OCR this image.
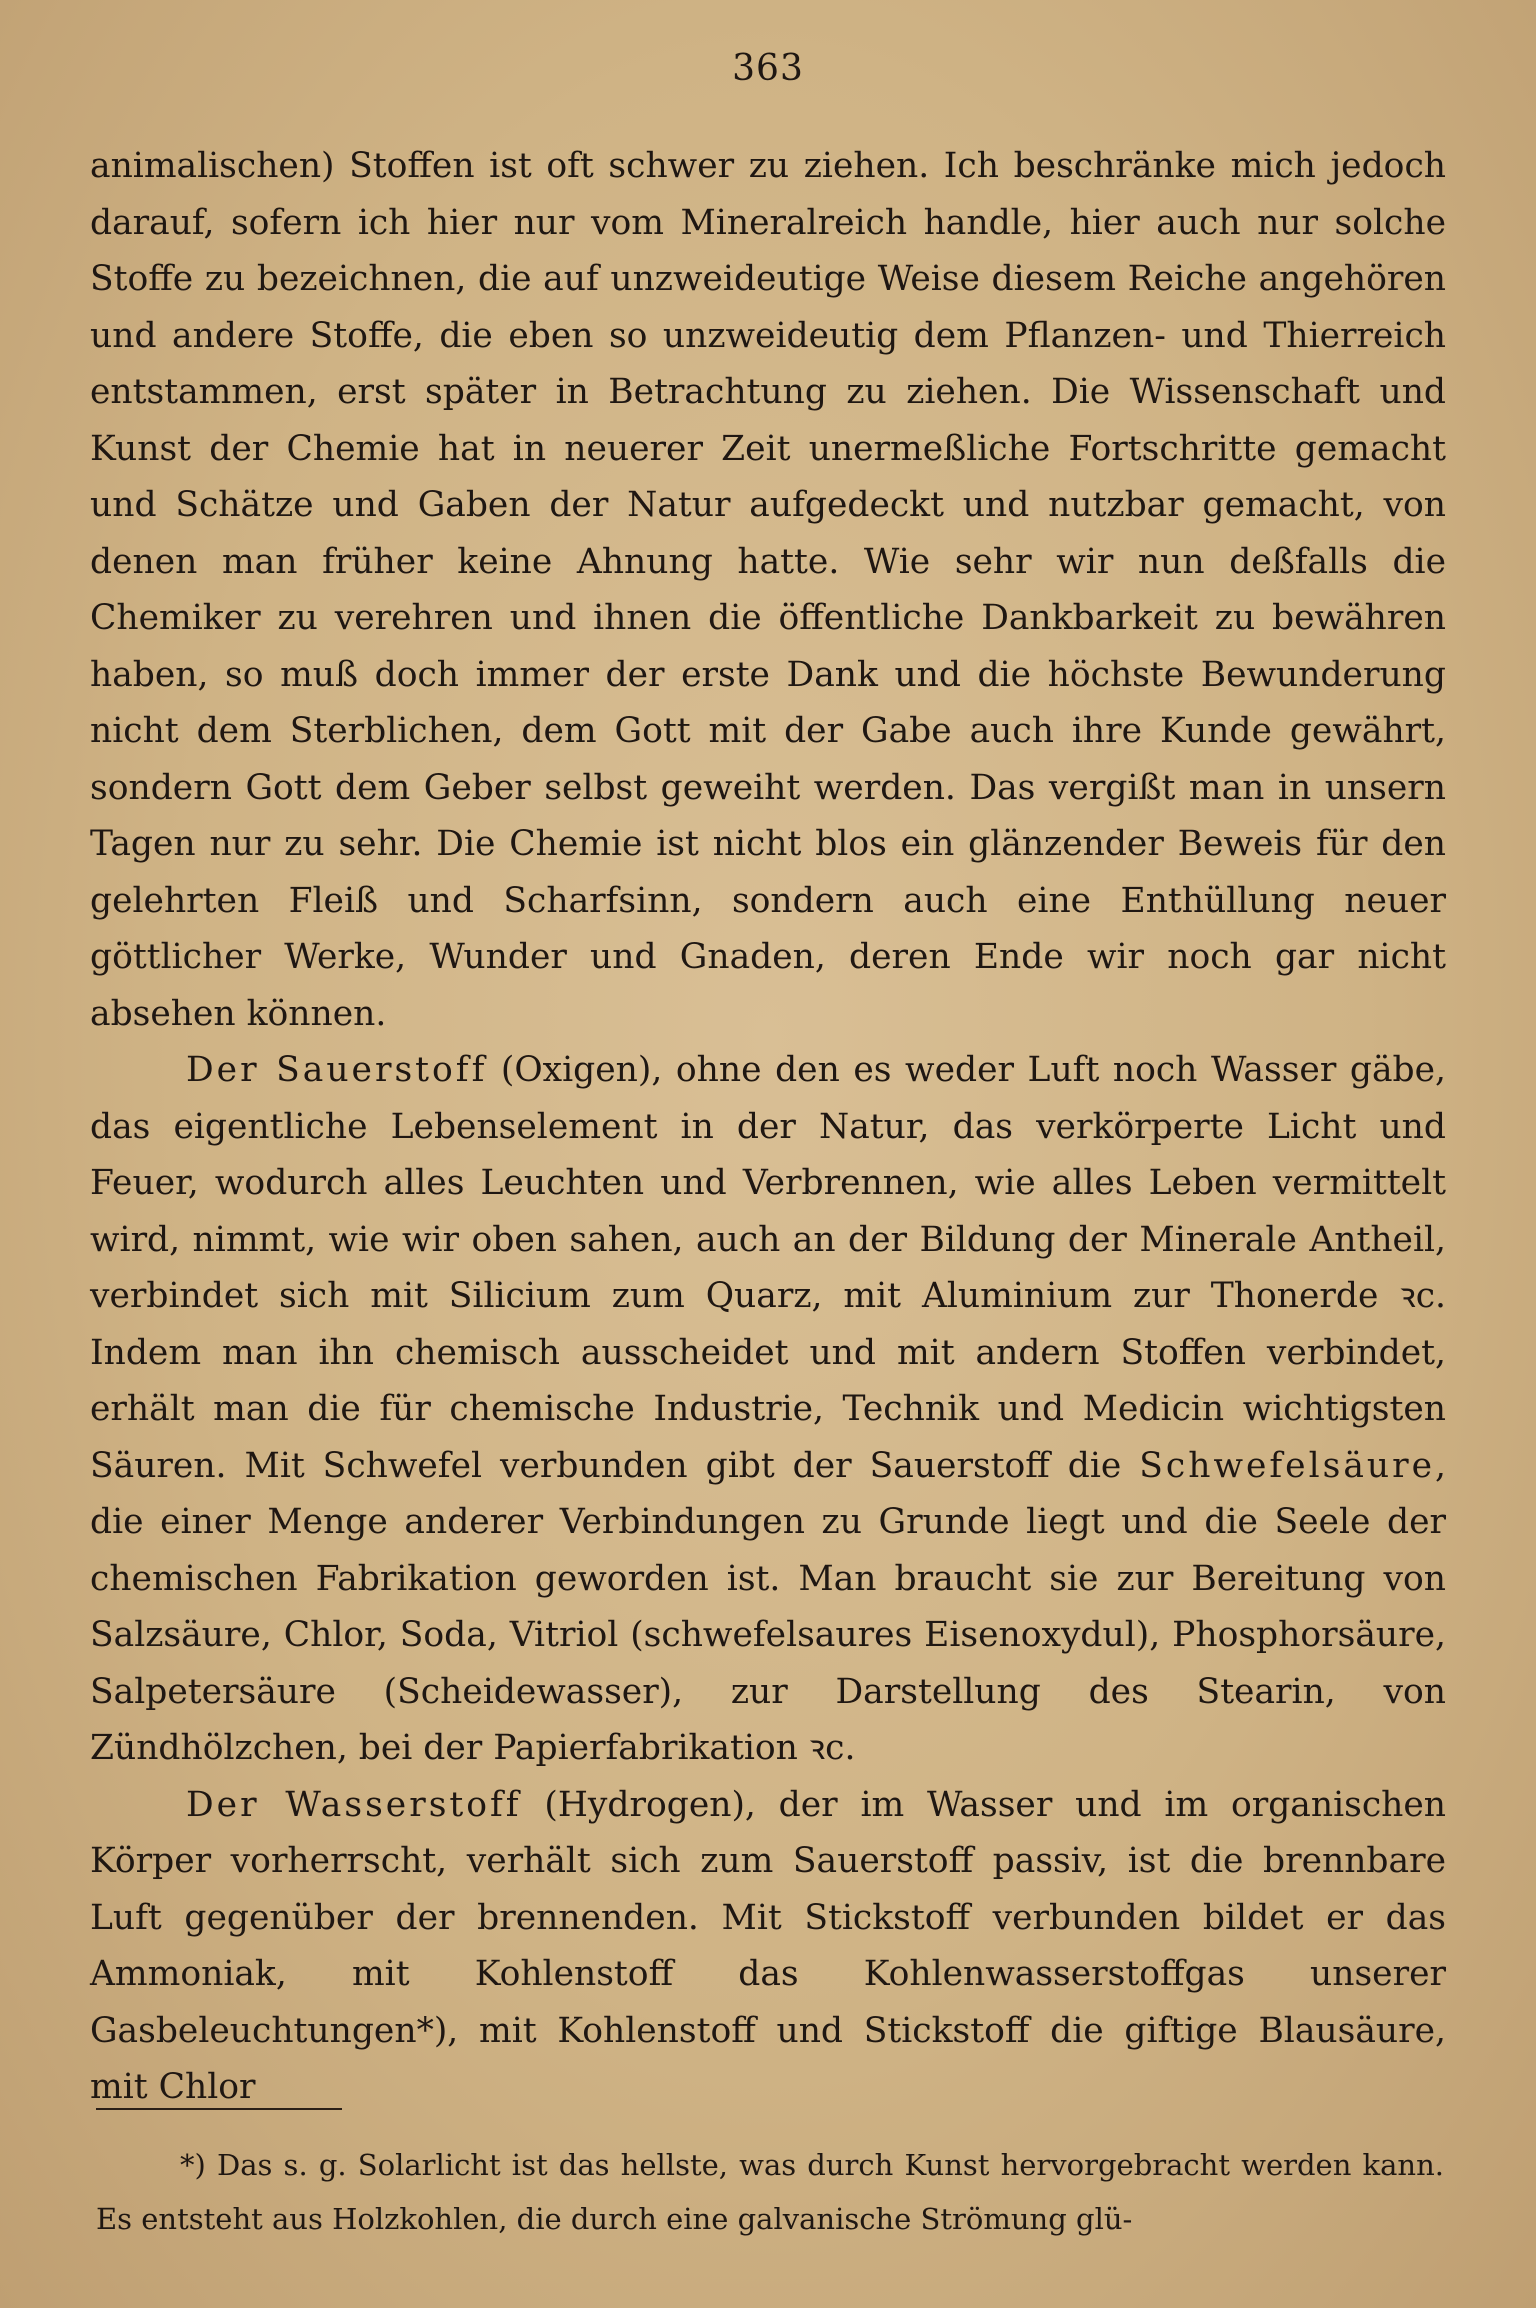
363

animalischen) Stoffen ist oft schwer zu ziehen. Ich beschränke mich jedoch darauf, sofern ich hier nur vom Mineralreich handle, hier auch nur solche Stoffe zu bezeichnen, die auf unzweideutige Weise diesem Reiche angehören und andere Stoffe, die eben so unzweideutig dem Pflanzen- und Thierreich entstammen, erst später in Betrachtung zu ziehen. Die Wissenschaft und Kunst der Chemie hat in neuerer Zeit unermeßliche Fortschritte gemacht und Schätze und Gaben der Natur aufgedeckt und nutzbar gemacht, von denen man früher keine Ahnung hatte. Wie sehr wir nun deßfalls die Chemiker zu verehren und ihnen die öffentliche Dankbarkeit zu bewähren haben, so muß doch immer der erste Dank und die höchste Bewunderung nicht dem Sterblichen, dem Gott mit der Gabe auch ihre Kunde gewährt, sondern Gott dem Geber selbst geweiht werden. Das vergißt man in unsern Tagen nur zu sehr. Die Chemie ist nicht blos ein glänzender Beweis für den gelehrten Fleiß und Scharfsinn, sondern auch eine Enthüllung neuer göttlicher Werke, Wunder und Gnaden, deren Ende wir noch gar nicht absehen können.

Der Sauerstoff (Oxigen), ohne den es weder Luft noch Wasser gäbe, das eigentliche Lebenselement in der Natur, das verkörperte Licht und Feuer, wodurch alles Leuchten und Verbrennen, wie alles Leben vermittelt wird, nimmt, wie wir oben sahen, auch an der Bildung der Minerale Antheil, verbindet sich mit Silicium zum Quarz, mit Aluminium zur Thonerde ꝛc. Indem man ihn chemisch ausscheidet und mit andern Stoffen verbindet, erhält man die für chemische Industrie, Technik und Medicin wichtigsten Säuren. Mit Schwefel verbunden gibt der Sauerstoff die Schwefelsäure, die einer Menge anderer Verbindungen zu Grunde liegt und die Seele der chemischen Fabrikation geworden ist. Man braucht sie zur Bereitung von Salzsäure, Chlor, Soda, Vitriol (schwefelsaures Eisenoxydul), Phosphorsäure, Salpetersäure (Scheidewasser), zur Darstellung des Stearin, von Zündhölzchen, bei der Papierfabrikation ꝛc.

Der Wasserstoff (Hydrogen), der im Wasser und im organischen Körper vorherrscht, verhält sich zum Sauerstoff passiv, ist die brennbare Luft gegenüber der brennenden. Mit Stickstoff verbunden bildet er das Ammoniak, mit Kohlenstoff das Kohlenwasserstoffgas unserer Gasbeleuchtungen*), mit Kohlenstoff und Stickstoff die giftige Blausäure, mit Chlor

*) Das s. g. Solarlicht ist das hellste, was durch Kunst hervorgebracht werden kann. Es entsteht aus Holzkohlen, die durch eine galvanische Strömung glü-
